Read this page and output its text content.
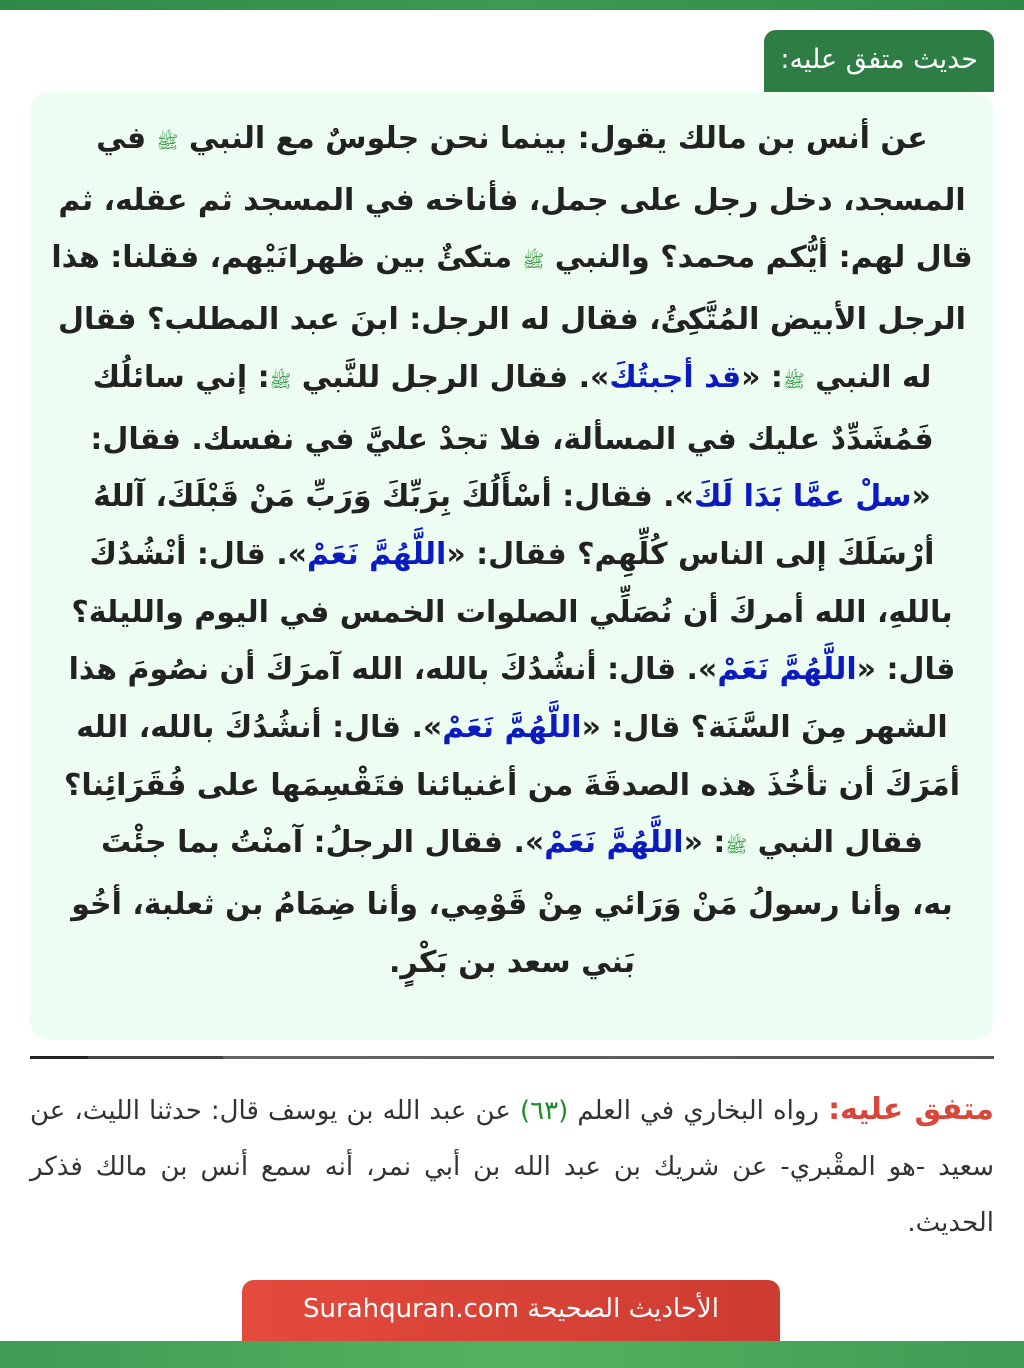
حديث متفق عليه:
عن أنس بن مالك يقول: بينما نحن جلوسٌ مع النبي ﷺ في المسجد، دخل رجل على جمل، فأناخه في المسجد ثم عقله، ثم قال لهم: أيُّكم محمد؟ والنبي ﷺ متكئٌ بين ظهرانَيْهم، فقلنا: هذا الرجل الأبيض المُتَّكِئُ، فقال له الرجل: ابنَ عبد المطلب؟ فقال له النبي ﷺ: «قد أجبتُكَ». فقال الرجل للنَّبي ﷺ: إني سائلُك فَمُشَدِّدٌ عليك في المسألة، فلا تجدْ عليَّ في نفسك. فقال: «سلْ عمَّا بَدَا لَكَ». فقال: أسْأَلُكَ بِرَبِّكَ وَرَبِّ مَنْ قَبْلَكَ، آللهُ أرْسَلَكَ إلى الناس كُلِّهِم؟ فقال: «اللَّهُمَّ نَعَمْ». قال: أنْشُدُكَ باللهِ، الله أمركَ أن نُصَلِّي الصلوات الخمس في اليوم والليلة؟ قال: «اللَّهُمَّ نَعَمْ». قال: أنشُدُكَ بالله، الله آمرَكَ أن نصُومَ هذا الشهر مِنَ السَّنَة؟ قال: «اللَّهُمَّ نَعَمْ». قال: أنشُدُكَ بالله، الله أمَرَكَ أن تأخُذَ هذه الصدقَةَ من أغنيائنا فتَقْسِمَها على فُقَرَائِنا؟ فقال النبي ﷺ: «اللَّهُمَّ نَعَمْ». فقال الرجلُ: آمنْتُ بما جئْتَ
به، وأنا رسولُ مَنْ وَرَائي مِنْ قَوْمِي، وأنا ضِمَامُ بن ثعلبة، أخُو بَني سعد بن بَكْرٍ.
متفق عليه: رواه البخاري في العلم (٦٣) عن عبد الله بن يوسف قال: حدثنا الليث، عن سعيد -هو المقْبري- عن شريك بن عبد الله بن أبي نمر، أنه سمع أنس بن مالك فذكر الحديث.
الأحاديث الصحيحة Surahquran.com
